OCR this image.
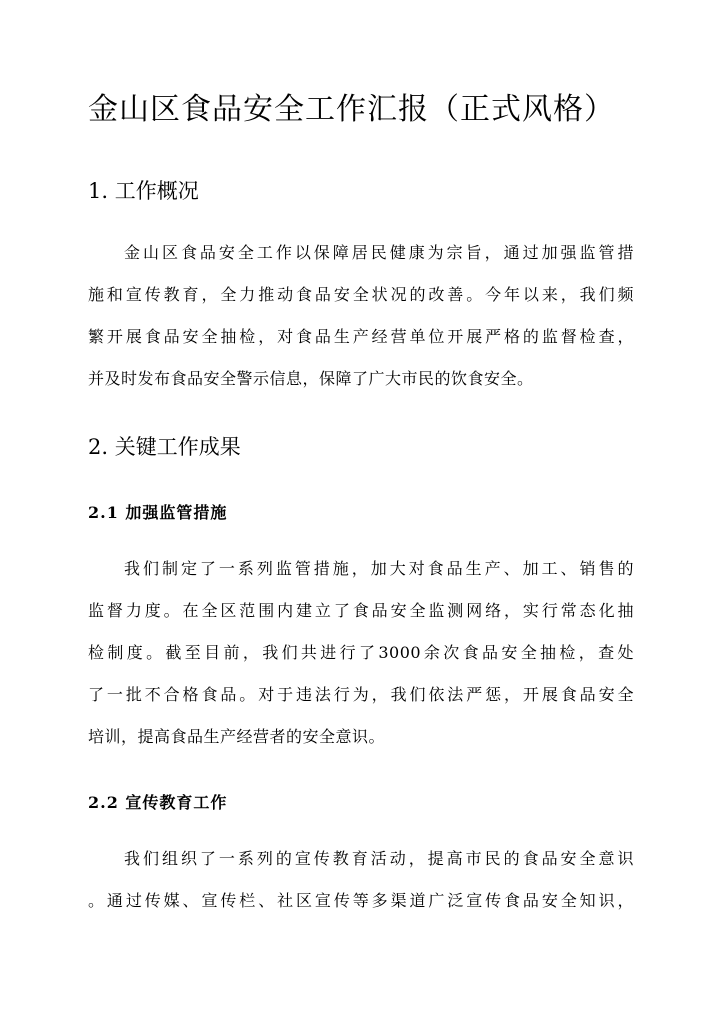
金山区食品安全工作汇报（正式风格）
1. 工作概况
金山区食品安全工作以保障居民健康为宗旨，通过加强监管措
施和宣传教育，全力推动食品安全状况的改善。今年以来，我们频
繁开展食品安全抽检，对食品生产经营单位开展严格的监督检查，
并及时发布食品安全警示信息，保障了广大市民的饮食安全。
2. 关键工作成果
2.1 加强监管措施
我们制定了一系列监管措施，加大对食品生产、加工、销售的
监督力度。在全区范围内建立了食品安全监测网络，实行常态化抽
检制度。截至目前，我们共进行了3000余次食品安全抽检，查处
了一批不合格食品。对于违法行为，我们依法严惩，开展食品安全
培训，提高食品生产经营者的安全意识。
2.2 宣传教育工作
我们组织了一系列的宣传教育活动，提高市民的食品安全意识
。通过传媒、宣传栏、社区宣传等多渠道广泛宣传食品安全知识，
